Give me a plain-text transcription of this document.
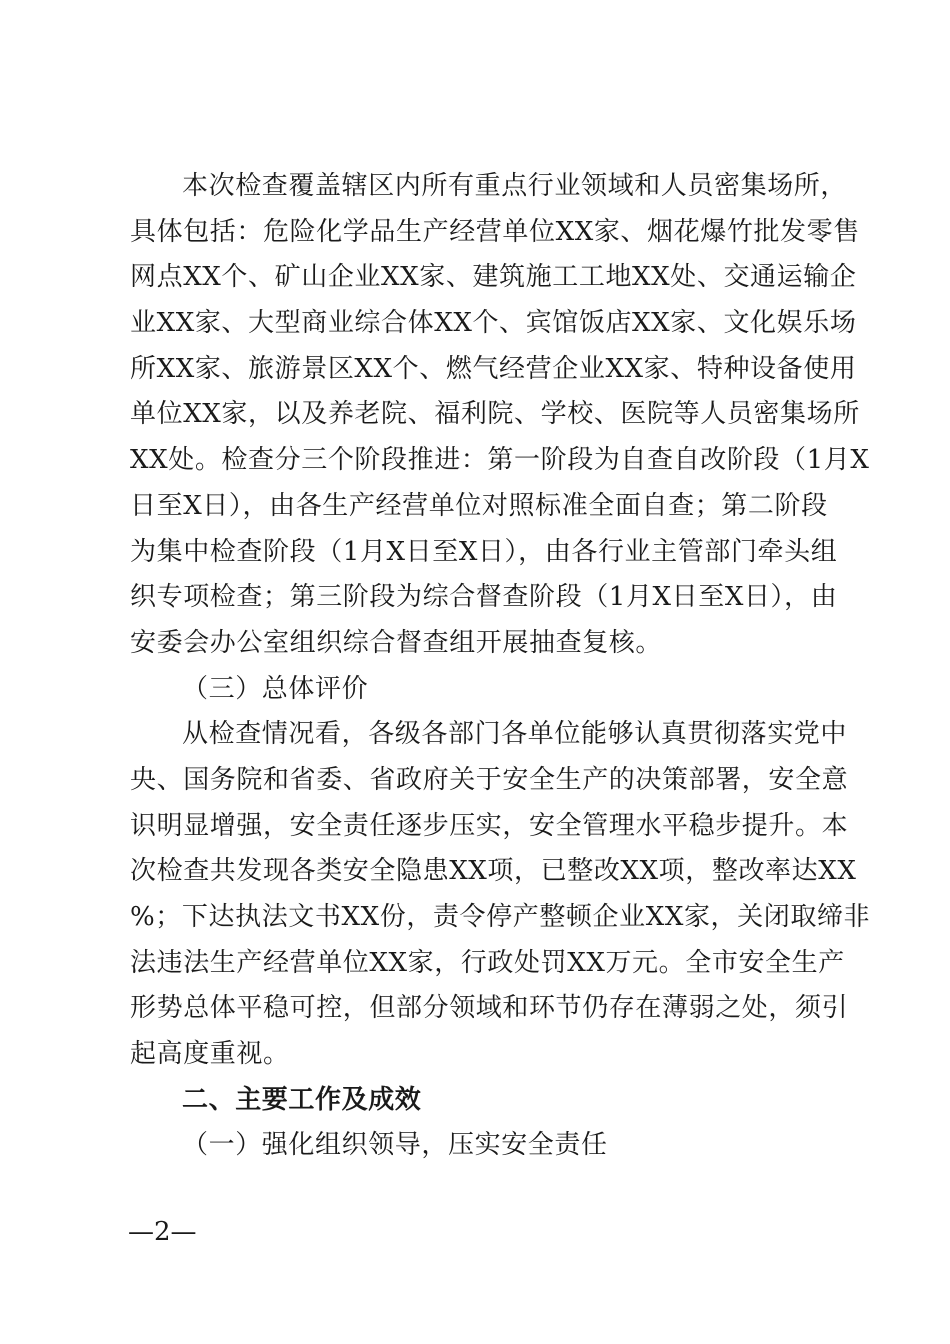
本次检查覆盖辖区内所有重点行业领域和人员密集场所，
具体包括：危险化学品生产经营单位XX家、烟花爆竹批发零售
网点XX个、矿山企业XX家、建筑施工工地XX处、交通运输企
业XX家、大型商业综合体XX个、宾馆饭店XX家、文化娱乐场
所XX家、旅游景区XX个、燃气经营企业XX家、特种设备使用
单位XX家，以及养老院、福利院、学校、医院等人员密集场所
XX处。检查分三个阶段推进：第一阶段为自查自改阶段（1月X
日至X日），由各生产经营单位对照标准全面自查；第二阶段
为集中检查阶段（1月X日至X日），由各行业主管部门牵头组
织专项检查；第三阶段为综合督查阶段（1月X日至X日），由
安委会办公室组织综合督查组开展抽查复核。

（三）总体评价

从检查情况看，各级各部门各单位能够认真贯彻落实党中
央、国务院和省委、省政府关于安全生产的决策部署，安全意
识明显增强，安全责任逐步压实，安全管理水平稳步提升。本
次检查共发现各类安全隐患XX项，已整改XX项，整改率达XX
%；下达执法文书XX份，责令停产整顿企业XX家，关闭取缔非
法违法生产经营单位XX家，行政处罚XX万元。全市安全生产
形势总体平稳可控，但部分领域和环节仍存在薄弱之处，须引
起高度重视。

二、主要工作及成效

（一）强化组织领导，压实安全责任

—2—
